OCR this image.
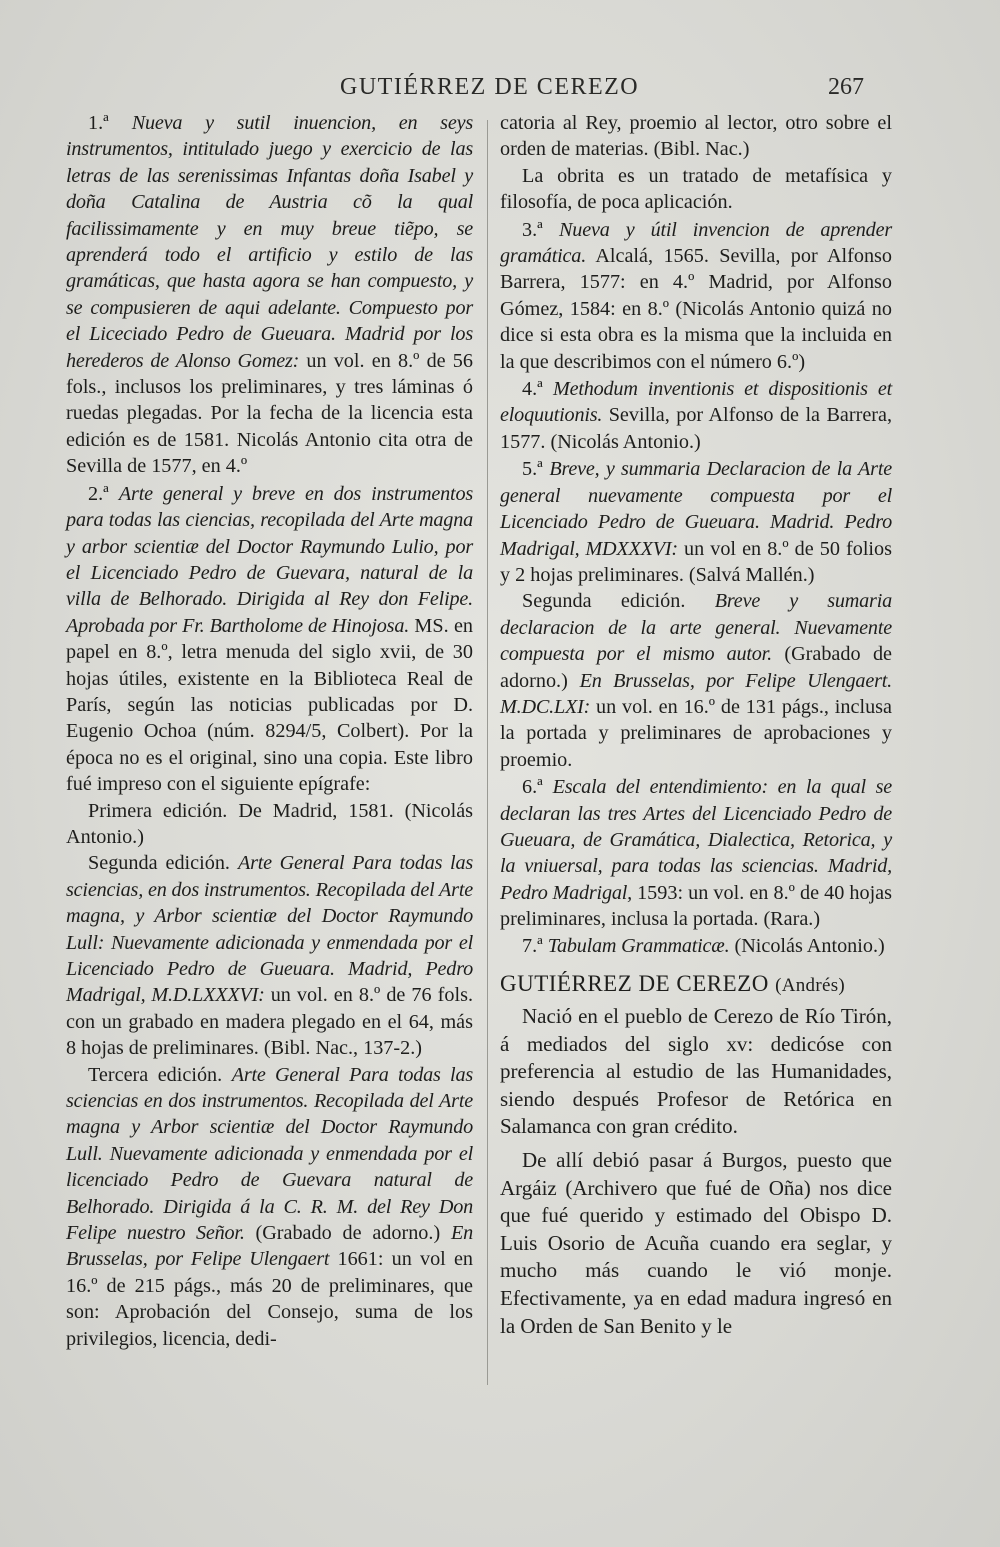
GUTIÉRREZ DE CEREZO	267

1.ª Nueva y sutil inuencion, en seys instrumentos, intitulado juego y exercicio de las letras de las serenissimas Infantas doña Isabel y doña Catalina de Austria cõ la qual facilissimamente y en muy breue tiẽpo, se aprenderá todo el artificio y estilo de las gramáticas, que hasta agora se han compuesto, y se compusieren de aqui adelante. Compuesto por el Liceciado Pedro de Gueuara. Madrid por los herederos de Alonso Gomez: un vol. en 8.º de 56 fols., inclusos los preliminares, y tres láminas ó ruedas plegadas. Por la fecha de la licencia esta edición es de 1581. Nicolás Antonio cita otra de Sevilla de 1577, en 4.º

2.ª Arte general y breve en dos instrumentos para todas las ciencias, recopilada del Arte magna y arbor scientiæ del Doctor Raymundo Lulio, por el Licenciado Pedro de Guevara, natural de la villa de Belhorado. Dirigida al Rey don Felipe. Aprobada por Fr. Bartholome de Hinojosa. MS. en papel en 8.º, letra menuda del siglo xvii, de 30 hojas útiles, existente en la Biblioteca Real de París, según las noticias publicadas por D. Eugenio Ochoa (núm. 8294/5, Colbert). Por la época no es el original, sino una copia. Este libro fué impreso con el siguiente epígrafe:

Primera edición. De Madrid, 1581. (Nicolás Antonio.)

Segunda edición. Arte General Para todas las sciencias, en dos instrumentos. Recopilada del Arte magna, y Arbor scientiæ del Doctor Raymundo Lull: Nuevamente adicionada y enmendada por el Licenciado Pedro de Gueuara. Madrid, Pedro Madrigal, M.D.LXXXVI: un vol. en 8.º de 76 fols. con un grabado en madera plegado en el 64, más 8 hojas de preliminares. (Bibl. Nac., 137-2.)

Tercera edición. Arte General Para todas las sciencias en dos instrumentos. Recopilada del Arte magna y Arbor scientiæ del Doctor Raymundo Lull. Nuevamente adicionada y enmendada por el licenciado Pedro de Guevara natural de Belhorado. Dirigida á la C. R. M. del Rey Don Felipe nuestro Señor. (Grabado de adorno.) En Brusselas, por Felipe Ulengaert 1661: un vol en 16.º de 215 págs., más 20 de preliminares, que son: Aprobación del Consejo, suma de los privilegios, licencia, dedi-

catoria al Rey, proemio al lector, otro sobre el orden de materias. (Bibl. Nac.)

La obrita es un tratado de metafísica y filosofía, de poca aplicación.

3.ª Nueva y útil invencion de aprender gramática. Alcalá, 1565. Sevilla, por Alfonso Barrera, 1577: en 4.º Madrid, por Alfonso Gómez, 1584: en 8.º (Nicolás Antonio quizá no dice si esta obra es la misma que la incluida en la que describimos con el número 6.º)

4.ª Methodum inventionis et dispositionis et eloquutionis. Sevilla, por Alfonso de la Barrera, 1577. (Nicolás Antonio.)

5.ª Breve, y summaria Declaracion de la Arte general nuevamente compuesta por el Licenciado Pedro de Gueuara. Madrid. Pedro Madrigal, MDXXXVI: un vol en 8.º de 50 folios y 2 hojas preliminares. (Salvá Mallén.)

Segunda edición. Breve y sumaria declaracion de la arte general. Nuevamente compuesta por el mismo autor. (Grabado de adorno.) En Brusselas, por Felipe Ulengaert. M.DC.LXI: un vol. en 16.º de 131 págs., inclusa la portada y preliminares de aprobaciones y proemio.

6.ª Escala del entendimiento: en la qual se declaran las tres Artes del Licenciado Pedro de Gueuara, de Gramática, Dialectica, Retorica, y la vniuersal, para todas las sciencias. Madrid, Pedro Madrigal, 1593: un vol. en 8.º de 40 hojas preliminares, inclusa la portada. (Rara.)

7.ª Tabulam Grammaticæ. (Nicolás Antonio.)

GUTIÉRREZ DE CEREZO (Andrés)

Nació en el pueblo de Cerezo de Río Tirón, á mediados del siglo xv: dedicóse con preferencia al estudio de las Humanidades, siendo después Profesor de Retórica en Salamanca con gran crédito.

De allí debió pasar á Burgos, puesto que Argáiz (Archivero que fué de Oña) nos dice que fué querido y estimado del Obispo D. Luis Osorio de Acuña cuando era seglar, y mucho más cuando le vió monje. Efectivamente, ya en edad madura ingresó en la Orden de San Benito y le
